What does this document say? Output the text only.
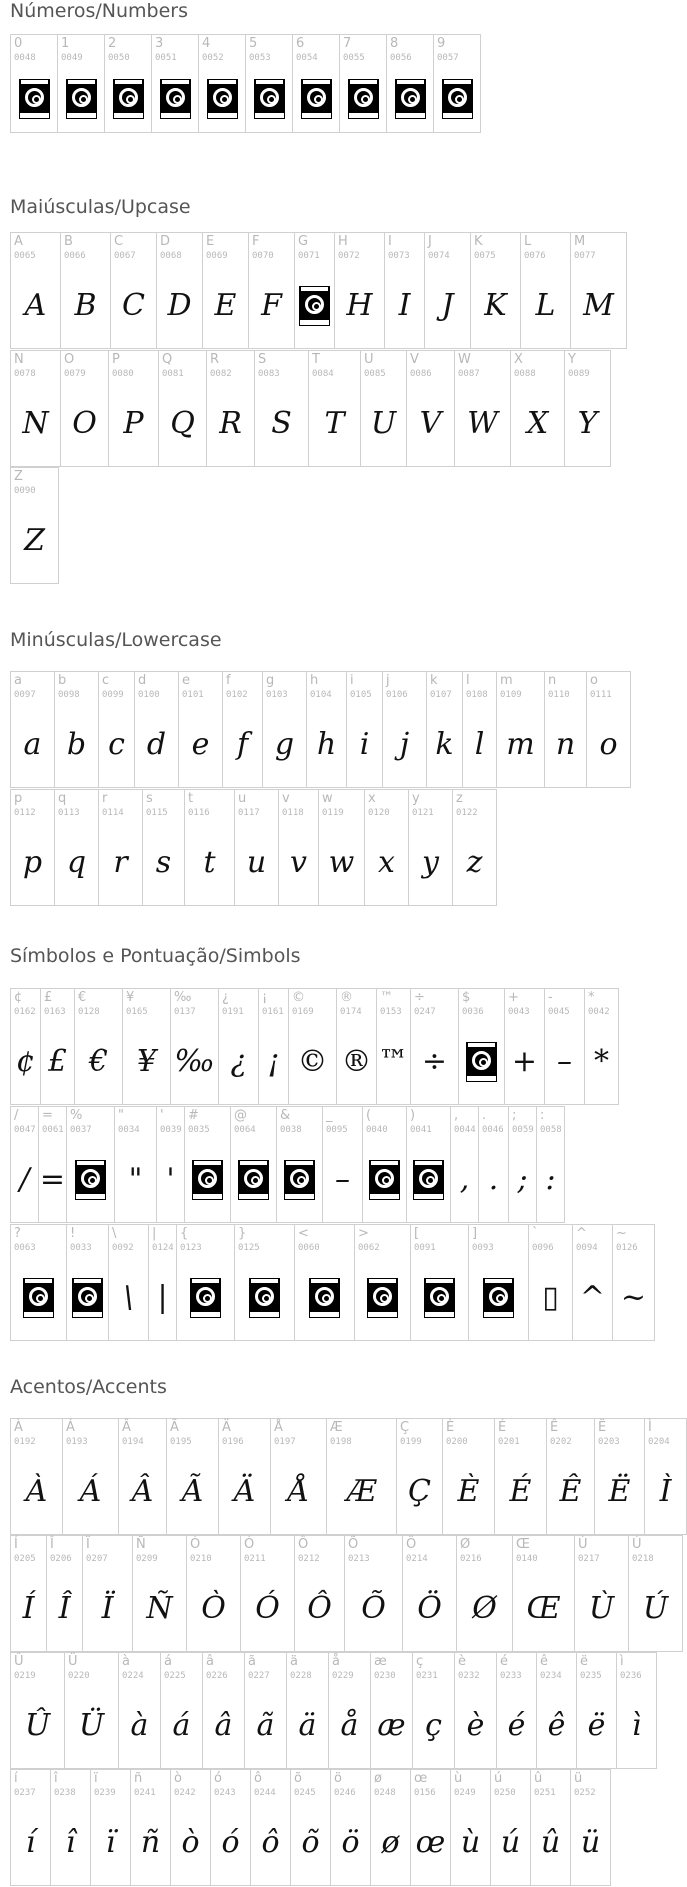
Números/Numbers
0
0048
1
0049
2
0050
3
0051
4
0052
5
0053
6
0054
7
0055
8
0056
9
0057
Maiúsculas/Upcase
A
0065
A
B
0066
B
C
0067
C
D
0068
D
E
0069
E
F
0070
F
G
0071
H
0072
H
I
0073
I
J
0074
J
K
0075
K
L
0076
L
M
0077
M
N
0078
N
O
0079
O
P
0080
P
Q
0081
Q
R
0082
R
S
0083
S
T
0084
T
U
0085
U
V
0086
V
W
0087
W
X
0088
X
Y
0089
Y
Z
0090
Z
Minúsculas/Lowercase
a
0097
a
b
0098
b
c
0099
c
d
0100
d
e
0101
e
f
0102
f
g
0103
g
h
0104
h
i
0105
i
j
0106
j
k
0107
k
l
0108
l
m
0109
m
n
0110
n
o
0111
o
p
0112
p
q
0113
q
r
0114
r
s
0115
s
t
0116
t
u
0117
u
v
0118
v
w
0119
w
x
0120
x
y
0121
y
z
0122
z
Símbolos e Pontuação/Simbols
¢
0162
¢
£
0163
£
€
0128
€
¥
0165
¥
‰
0137
‰
¿
0191
¿
¡
0161
¡
©
0169
©
®
0174
®
™
0153
™
÷
0247
÷
$
0036
+
0043
+
-
0045
–
*
0042
*
/
0047
/
=
0061
=
%
0037
"
0034
"
'
0039
'
#
0035
@
0064
&
0038
_
0095
–
(
0040
)
0041
,
0044
,
.
0046
.
;
0059
;
:
0058
:
?
0063
!
0033
\
0092
\
|
0124
|
{
0123
}
0125
<
0060
>
0062
[
0091
]
0093
`
0096
▯
^
0094
^
~
0126
~
Acentos/Accents
À
0192
À
Á
0193
Á
Â
0194
Â
Ã
0195
Ã
Ä
0196
Ä
Å
0197
Å
Æ
0198
Æ
Ç
0199
Ç
È
0200
È
É
0201
É
Ê
0202
Ê
Ë
0203
Ë
Ì
0204
Ì
Í
0205
Í
Î
0206
Î
Ï
0207
Ï
Ñ
0209
Ñ
Ò
0210
Ò
Ó
0211
Ó
Ô
0212
Ô
Õ
0213
Õ
Ö
0214
Ö
Ø
0216
Ø
Œ
0140
Œ
Ù
0217
Ù
Ú
0218
Ú
Û
0219
Û
Ü
0220
Ü
à
0224
à
á
0225
á
â
0226
â
ã
0227
ã
ä
0228
ä
å
0229
å
æ
0230
æ
ç
0231
ç
è
0232
è
é
0233
é
ê
0234
ê
ë
0235
ë
ì
0236
ì
í
0237
í
î
0238
î
ï
0239
ï
ñ
0241
ñ
ò
0242
ò
ó
0243
ó
ô
0244
ô
õ
0245
õ
ö
0246
ö
ø
0248
ø
œ
0156
œ
ù
0249
ù
ú
0250
ú
û
0251
û
ü
0252
ü
